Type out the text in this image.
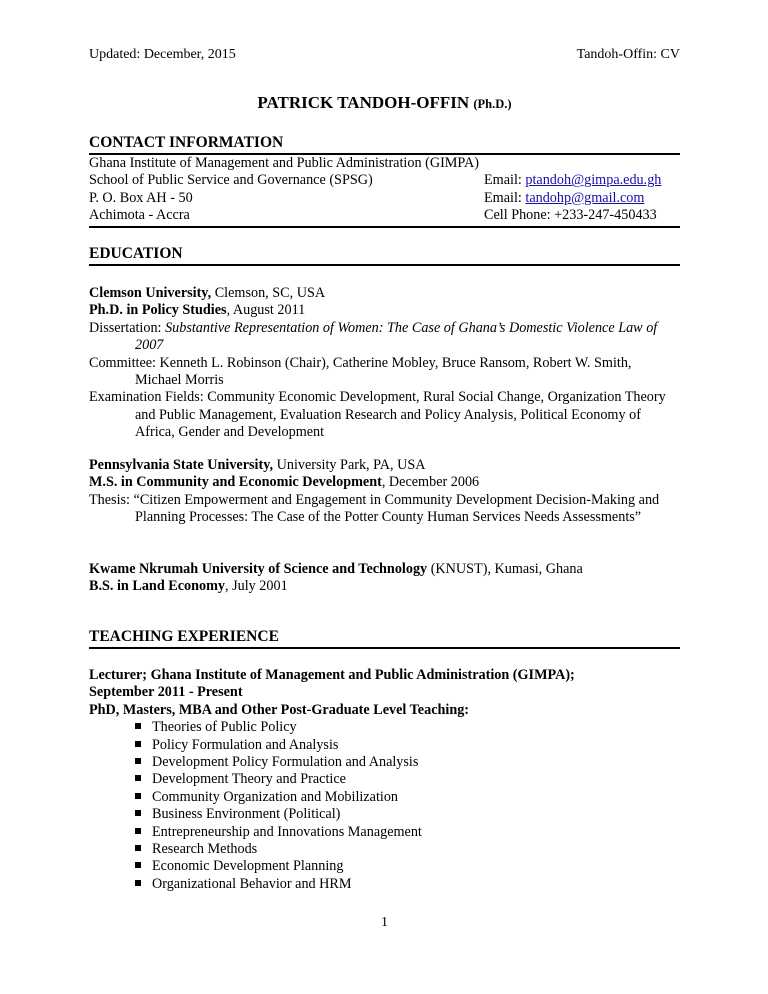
Updated: December, 2015	Tandoh-Offin: CV
PATRICK TANDOH-OFFIN (Ph.D.)
CONTACT INFORMATION
Ghana Institute of Management and Public Administration (GIMPA)
School of Public Service and Governance (SPSG)	Email: ptandoh@gimpa.edu.gh
P. O. Box AH - 50	Email: tandohp@gmail.com
Achimota - Accra	Cell Phone: +233-247-450433
EDUCATION
Clemson University, Clemson, SC, USA
Ph.D. in Policy Studies, August 2011
Dissertation: Substantive Representation of Women: The Case of Ghana’s Domestic Violence Law of 2007
Committee: Kenneth L. Robinson (Chair), Catherine Mobley, Bruce Ransom, Robert W. Smith, Michael Morris
Examination Fields: Community Economic Development, Rural Social Change, Organization Theory and Public Management, Evaluation Research and Policy Analysis, Political Economy of Africa, Gender and Development
Pennsylvania State University, University Park, PA, USA
M.S. in Community and Economic Development, December 2006
Thesis: “Citizen Empowerment and Engagement in Community Development Decision-Making and Planning Processes: The Case of the Potter County Human Services Needs Assessments”
Kwame Nkrumah University of Science and Technology (KNUST), Kumasi, Ghana
B.S. in Land Economy, July 2001
TEACHING EXPERIENCE
Lecturer; Ghana Institute of Management and Public Administration (GIMPA);
September 2011 - Present
PhD, Masters, MBA and Other Post-Graduate Level Teaching:
Theories of Public Policy
Policy Formulation and Analysis
Development Policy Formulation and Analysis
Development Theory and Practice
Community Organization and Mobilization
Business Environment (Political)
Entrepreneurship and Innovations Management
Research Methods
Economic Development Planning
Organizational Behavior and HRM
1
